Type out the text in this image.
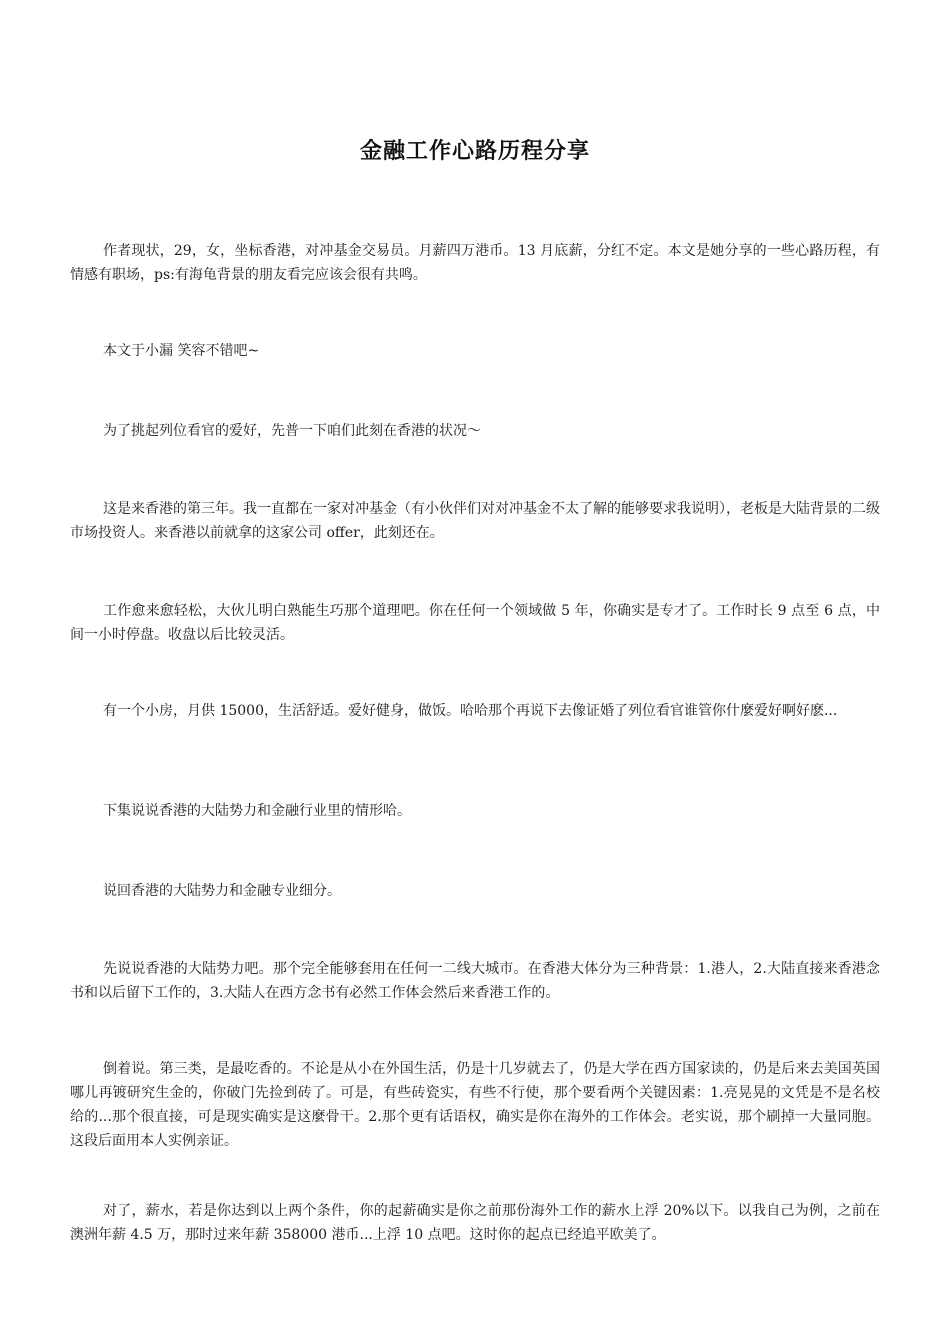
金融工作心路历程分享

作者现状，29，女，坐标香港，对冲基金交易员。月薪四万港币。13 月底薪，分红不定。本文是她分享的一些心路历程，有情感有职场，ps:有海龟背景的朋友看完应该会很有共鸣。

本文于小漏 笑容不错吧~

为了挑起列位看官的爱好，先普一下咱们此刻在香港的状况～

这是来香港的第三年。我一直都在一家对冲基金（有小伙伴们对对冲基金不太了解的能够要求我说明），老板是大陆背景的二级市场投资人。来香港以前就拿的这家公司 offer，此刻还在。

工作愈来愈轻松，大伙儿明白熟能生巧那个道理吧。你在任何一个领域做 5 年，你确实是专才了。工作时长 9 点至 6 点，中间一小时停盘。收盘以后比较灵活。

有一个小房，月供 15000，生活舒适。爱好健身，做饭。哈哈那个再说下去像证婚了列位看官谁管你什麼爱好啊好麽...

下集说说香港的大陆势力和金融行业里的情形哈。

说回香港的大陆势力和金融专业细分。

先说说香港的大陆势力吧。那个完全能够套用在任何一二线大城市。在香港大体分为三种背景：1.港人，2.大陆直接来香港念书和以后留下工作的，3.大陆人在西方念书有必然工作体会然后来香港工作的。

倒着说。第三类，是最吃香的。不论是从小在外国生活，仍是十几岁就去了，仍是大学在西方国家读的，仍是后来去美国英国哪儿再镀研究生金的，你破门先捡到砖了。可是，有些砖瓷实，有些不行使，那个要看两个关键因素：1.亮晃晃的文凭是不是名校给的...那个很直接，可是现实确实是这麼骨干。2.那个更有话语权，确实是你在海外的工作体会。老实说，那个刷掉一大量同胞。这段后面用本人实例亲证。

对了，薪水，若是你达到以上两个条件，你的起薪确实是你之前那份海外工作的薪水上浮 20%以下。以我自己为例，之前在澳洲年薪 4.5 万，那时过来年薪 358000 港币...上浮 10 点吧。这时你的起点已经追平欧美了。
